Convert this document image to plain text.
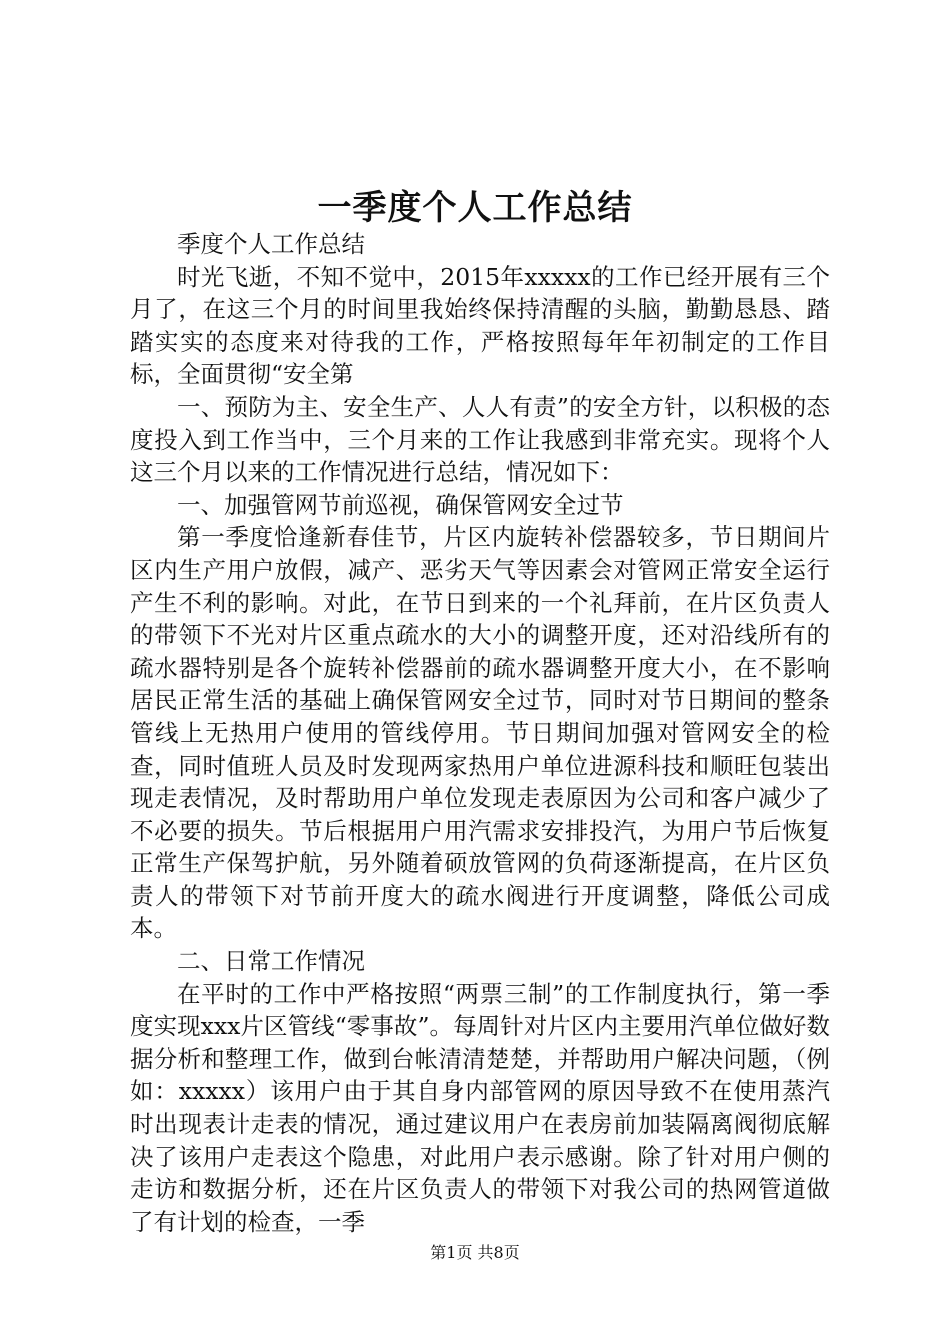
一季度个人工作总结

季度个人工作总结

时光飞逝，不知不觉中，2015年xxxxx的工作已经开展有三个月了，在这三个月的时间里我始终保持清醒的头脑，勤勤恳恳、踏踏实实的态度来对待我的工作，严格按照每年年初制定的工作目标，全面贯彻“安全第

一、预防为主、安全生产、人人有责”的安全方针，以积极的态度投入到工作当中，三个月来的工作让我感到非常充实。现将个人这三个月以来的工作情况进行总结，情况如下：

一、加强管网节前巡视，确保管网安全过节

第一季度恰逢新春佳节，片区内旋转补偿器较多，节日期间片区内生产用户放假，减产、恶劣天气等因素会对管网正常安全运行产生不利的影响。对此，在节日到来的一个礼拜前，在片区负责人的带领下不光对片区重点疏水的大小的调整开度，还对沿线所有的疏水器特别是各个旋转补偿器前的疏水器调整开度大小，在不影响居民正常生活的基础上确保管网安全过节，同时对节日期间的整条管线上无热用户使用的管线停用。节日期间加强对管网安全的检查，同时值班人员及时发现两家热用户单位进源科技和顺旺包装出现走表情况，及时帮助用户单位发现走表原因为公司和客户减少了不必要的损失。节后根据用户用汽需求安排投汽，为用户节后恢复正常生产保驾护航，另外随着硕放管网的负荷逐渐提高，在片区负责人的带领下对节前开度大的疏水阀进行开度调整，降低公司成本。

二、日常工作情况

在平时的工作中严格按照“两票三制”的工作制度执行，第一季度实现xxx片区管线“零事故”。每周针对片区内主要用汽单位做好数据分析和整理工作，做到台帐清清楚楚，并帮助用户解决问题，（例如：xxxxx）该用户由于其自身内部管网的原因导致不在使用蒸汽时出现表计走表的情况，通过建议用户在表房前加装隔离阀彻底解决了该用户走表这个隐患，对此用户表示感谢。除了针对用户侧的走访和数据分析，还在片区负责人的带领下对我公司的热网管道做了有计划的检查，一季

第1页 共8页
